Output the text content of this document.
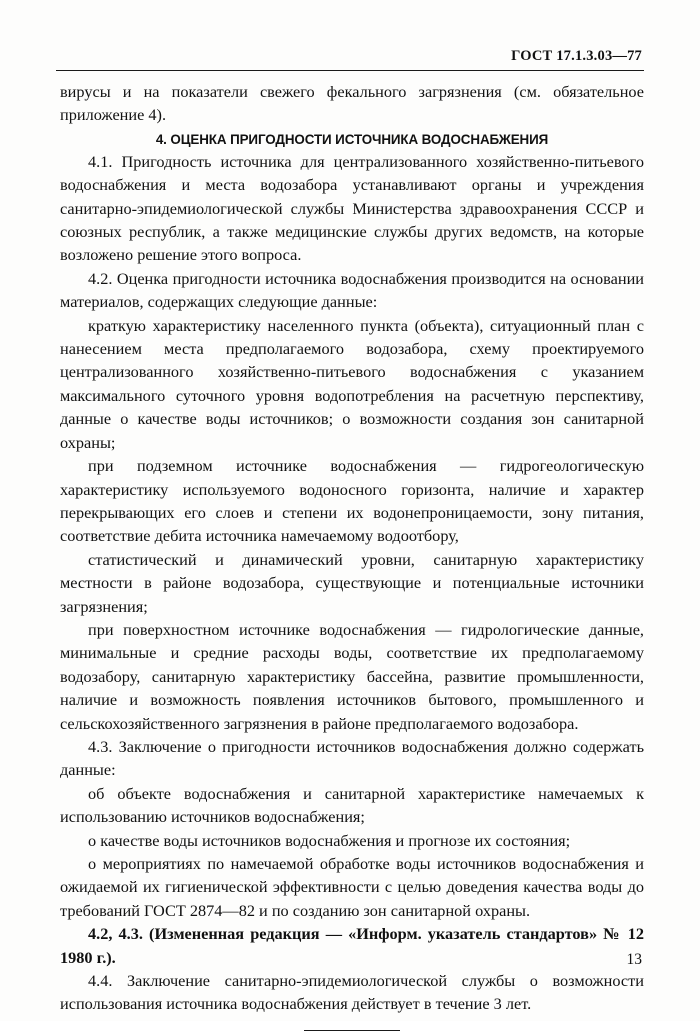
ГОСТ 17.1.3.03—77

вирусы и на показатели свежего фекального загрязнения (см. обязательное приложение 4).

4. ОЦЕНКА ПРИГОДНОСТИ ИСТОЧНИКА ВОДОСНАБЖЕНИЯ

4.1. Пригодность источника для централизованного хозяйственно-питьевого водоснабжения и места водозабора устанавливают органы и учреждения санитарно-эпидемиологической службы Министерства здравоохранения СССР и союзных республик, а также медицинские службы других ведомств, на которые возложено решение этого вопроса.

4.2. Оценка пригодности источника водоснабжения производится на основании материалов, содержащих следующие данные:

краткую характеристику населенного пункта (объекта), ситуационный план с нанесением места предполагаемого водозабора, схему проектируемого централизованного хозяйственно-питьевого водоснабжения с указанием максимального суточного уровня водопотребления на расчетную перспективу, данные о качестве воды источников; о возможности создания зон санитарной охраны;

при подземном источнике водоснабжения — гидрогеологическую характеристику используемого водоносного горизонта, наличие и характер перекрывающих его слоев и степени их водонепроницаемости, зону питания, соответствие дебита источника намечаемому водоотбору,

статистический и динамический уровни, санитарную характеристику местности в районе водозабора, существующие и потенциальные источники загрязнения;

при поверхностном источнике водоснабжения — гидрологические данные, минимальные и средние расходы воды, соответствие их предполагаемому водозабору, санитарную характеристику бассейна, развитие промышленности, наличие и возможность появления источников бытового, промышленного и сельскохозяйственного загрязнения в районе предполагаемого водозабора.

4.3. Заключение о пригодности источников водоснабжения должно содержать данные:

об объекте водоснабжения и санитарной характеристике намечаемых к использованию источников водоснабжения;

о качестве воды источников водоснабжения и прогнозе их состояния;

о мероприятиях по намечаемой обработке воды источников водоснабжения и ожидаемой их гигиенической эффективности с целью доведения качества воды до требований ГОСТ 2874—82 и по созданию зон санитарной охраны.

4.2, 4.3. (Измененная редакция — «Информ. указатель стандартов» № 12 1980 г.).

4.4. Заключение санитарно-эпидемиологической службы о возможности использования источника водоснабжения действует в течение 3 лет.

13
